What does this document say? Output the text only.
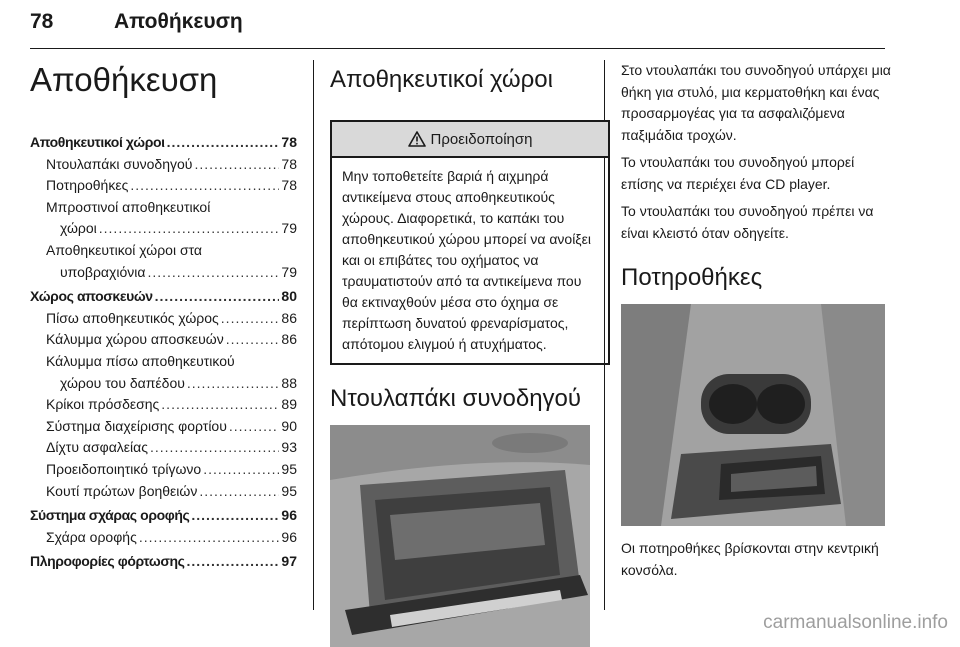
78	Αποθήκευση
Αποθήκευση
Αποθηκευτικοί χώροι .....	78
Ντουλαπάκι συνοδηγού .....	78
Ποτηροθήκες .....	78
Μπροστινοί αποθηκευτικοί
χώροι .....	79
Αποθηκευτικοί χώροι στα
υποβραχιόνια .....	79
Χώρος αποσκευών .....	80
Πίσω αποθηκευτικός χώρος .....	86
Κάλυμμα χώρου αποσκευών .....	86
Κάλυμμα πίσω αποθηκευτικού
χώρου του δαπέδου .....	88
Κρίκοι πρόσδεσης .....	89
Σύστημα διαχείρισης φορτίου .....	90
Δίχτυ ασφαλείας .....	93
Προειδοποιητικό τρίγωνο .....	95
Κουτί πρώτων βοηθειών .....	95
Σύστημα σχάρας οροφής .....	96
Σχάρα οροφής .....	96
Πληροφορίες φόρτωσης .....	97
Αποθηκευτικοί χώροι
Προειδοποίηση

Μην τοποθετείτε βαριά ή αιχμηρά αντικείμενα στους αποθηκευτικούς χώρους. Διαφορετικά, το καπάκι του αποθηκευτικού χώρου μπορεί να ανοίξει και οι επιβάτες του οχήματος να τραυματιστούν από τα αντικείμενα που θα εκτιναχθούν μέσα στο όχημα σε περίπτωση δυνατού φρεναρίσματος, απότομου ελιγμού ή ατυχήματος.

Ντουλαπάκι συνοδηγού

Στο ντουλαπάκι του συνοδηγού υπάρχει μια θήκη για στυλό, μια κερματοθήκη και ένας προσαρμογέας για τα ασφαλιζόμενα παξιμάδια τροχών.

Το ντουλαπάκι του συνοδηγού μπορεί επίσης να περιέχει ένα CD player.

Το ντουλαπάκι του συνοδηγού πρέπει να είναι κλειστό όταν οδηγείτε.

Ποτηροθήκες

Οι ποτηροθήκες βρίσκονται στην κεντρική κονσόλα.

carmanualsonline.info
